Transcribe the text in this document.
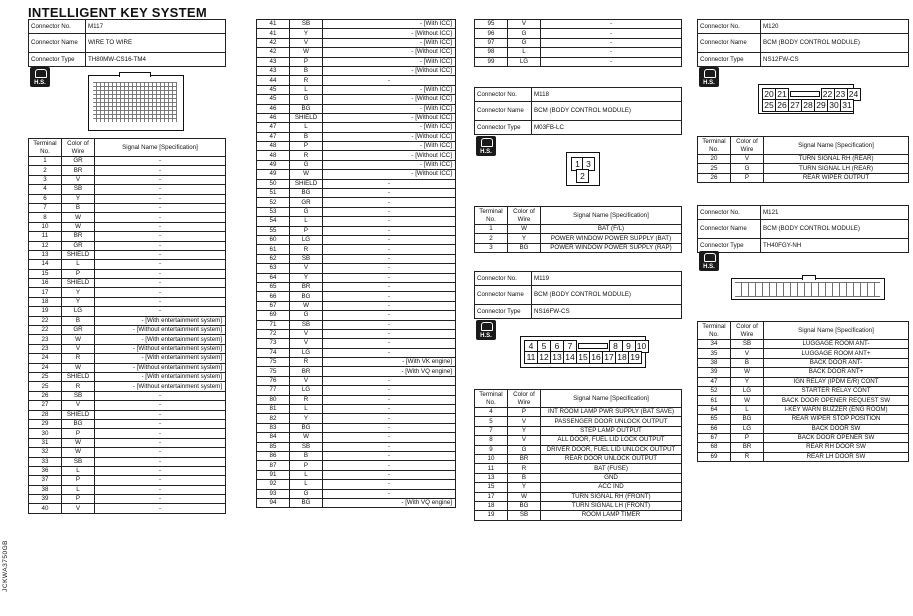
INTELLIGENT KEY SYSTEM
JCKWA3750GB
Connector No.	M117
Connector Name	WIRE TO WIRE
Connector Type	TH80MW-CS16-TM4
H.S.
Terminal No.	Color of Wire	Signal Name [Specification]
1	GR	-
2	BR	-
3	V	-
4	SB	-
6	Y	-
7	B	-
8	W	-
10	W	-
11	BR	-
12	GR	-
13	SHIELD	-
14	L	-
15	P	-
16	SHIELD	-
17	Y	-
18	Y	-
19	LG	-
22	B	- [With entertainment system]
22	GR	- [Without entertainment system]
23	W	- [With entertainment system]
23	V	- [Without entertainment system]
24	R	- [With entertainment system]
24	W	- [Without entertainment system]
25	SHIELD	- [With entertainment system]
25	R	- [Without entertainment system]
26	SB	-
27	V	-
28	SHIELD	-
29	BG	-
30	P	-
31	W	-
32	W	-
33	SB	-
36	L	-
37	P	-
38	L	-
39	P	-
40	V	-
41	SB	- [With ICC]
41	Y	- [Without ICC]
42	V	- [With ICC]
42	W	- [Without ICC]
43	P	- [With ICC]
43	B	- [Without ICC]
44	R	-
45	L	- [With ICC]
45	G	- [Without ICC]
46	BG	- [With ICC]
46	SHIELD	- [Without ICC]
47	L	- [With ICC]
47	B	- [Without ICC]
48	P	- [With ICC]
48	R	- [Without ICC]
49	G	- [With ICC]
49	W	- [Without ICC]
50	SHIELD	-
51	BG	-
52	GR	-
53	G	-
54	L	-
55	P	-
60	LG	-
61	R	-
62	SB	-
63	V	-
64	Y	-
65	BR	-
66	BG	-
67	W	-
69	G	-
71	SB	-
72	V	-
73	V	-
74	LG	-
75	R	- [With VK engine]
75	BR	- [With VQ engine]
76	V	-
77	LG	-
80	R	-
81	L	-
82	Y	-
83	BG	-
84	W	-
85	SB	-
86	B	-
87	P	-
91	L	-
92	L	-
93	G	-
94	BG	- [With VQ engine]
95	V	-
96	G	-
97	G	-
98	L	-
99	LG	-
Connector No.	M118
Connector Name	BCM (BODY CONTROL MODULE)
Connector Type	M03FB-LC
H.S.
1 3
2
Terminal No.	Color of Wire	Signal Name [Specification]
1	W	BAT (F/L)
2	Y	POWER WINDOW POWER SUPPLY (BAT)
3	BG	POWER WINDOW POWER SUPPLY (RAP)
Connector No.	M119
Connector Name	BCM (BODY CONTROL MODULE)
Connector Type	NS16FW-CS
H.S.
4 5 6 7	8 9 10
11 12 13 14 15 16 17 18 19
Terminal No.	Color of Wire	Signal Name [Specification]
4	P	INT ROOM LAMP PWR SUPPLY (BAT SAVE)
5	V	PASSENGER DOOR UNLOCK OUTPUT
7	Y	STEP LAMP OUTPUT
8	V	ALL DOOR, FUEL LID LOCK OUTPUT
9	G	DRIVER DOOR, FUEL LID UNLOCK OUTPUT
10	BR	REAR DOOR UNLOCK OUTPUT
11	R	BAT (FUSE)
13	B	GND
15	Y	ACC IND
17	W	TURN SIGNAL RH (FRONT)
18	BG	TURN SIGNAL LH (FRONT)
19	SB	ROOM LAMP TIMER
Connector No.	M120
Connector Name	BCM (BODY CONTROL MODULE)
Connector Type	NS12FW-CS
H.S.
20 21	22 23 24
25 26 27 28 29 30 31
Terminal No.	Color of Wire	Signal Name [Specification]
20	V	TURN SIGNAL RH (REAR)
25	G	TURN SIGNAL LH (REAR)
26	P	REAR WIPER OUTPUT
Connector No.	M121
Connector Name	BCM (BODY CONTROL MODULE)
Connector Type	TH40FGY-NH
H.S.
Terminal No.	Color of Wire	Signal Name [Specification]
34	SB	LUGGAGE ROOM ANT-
35	V	LUGGAGE ROOM ANT+
38	B	BACK DOOR ANT-
39	W	BACK DOOR ANT+
47	Y	IGN RELAY (IPDM E/R) CONT
52	LG	STARTER RELAY CONT
61	W	BACK DOOR OPENER REQUEST SW
64	L	I-KEY WARN BUZZER (ENG ROOM)
65	BG	REAR WIPER STOP POSITION
66	LG	BACK DOOR SW
67	P	BACK DOOR OPENER SW
68	BR	REAR RH DOOR SW
69	R	REAR LH DOOR SW
